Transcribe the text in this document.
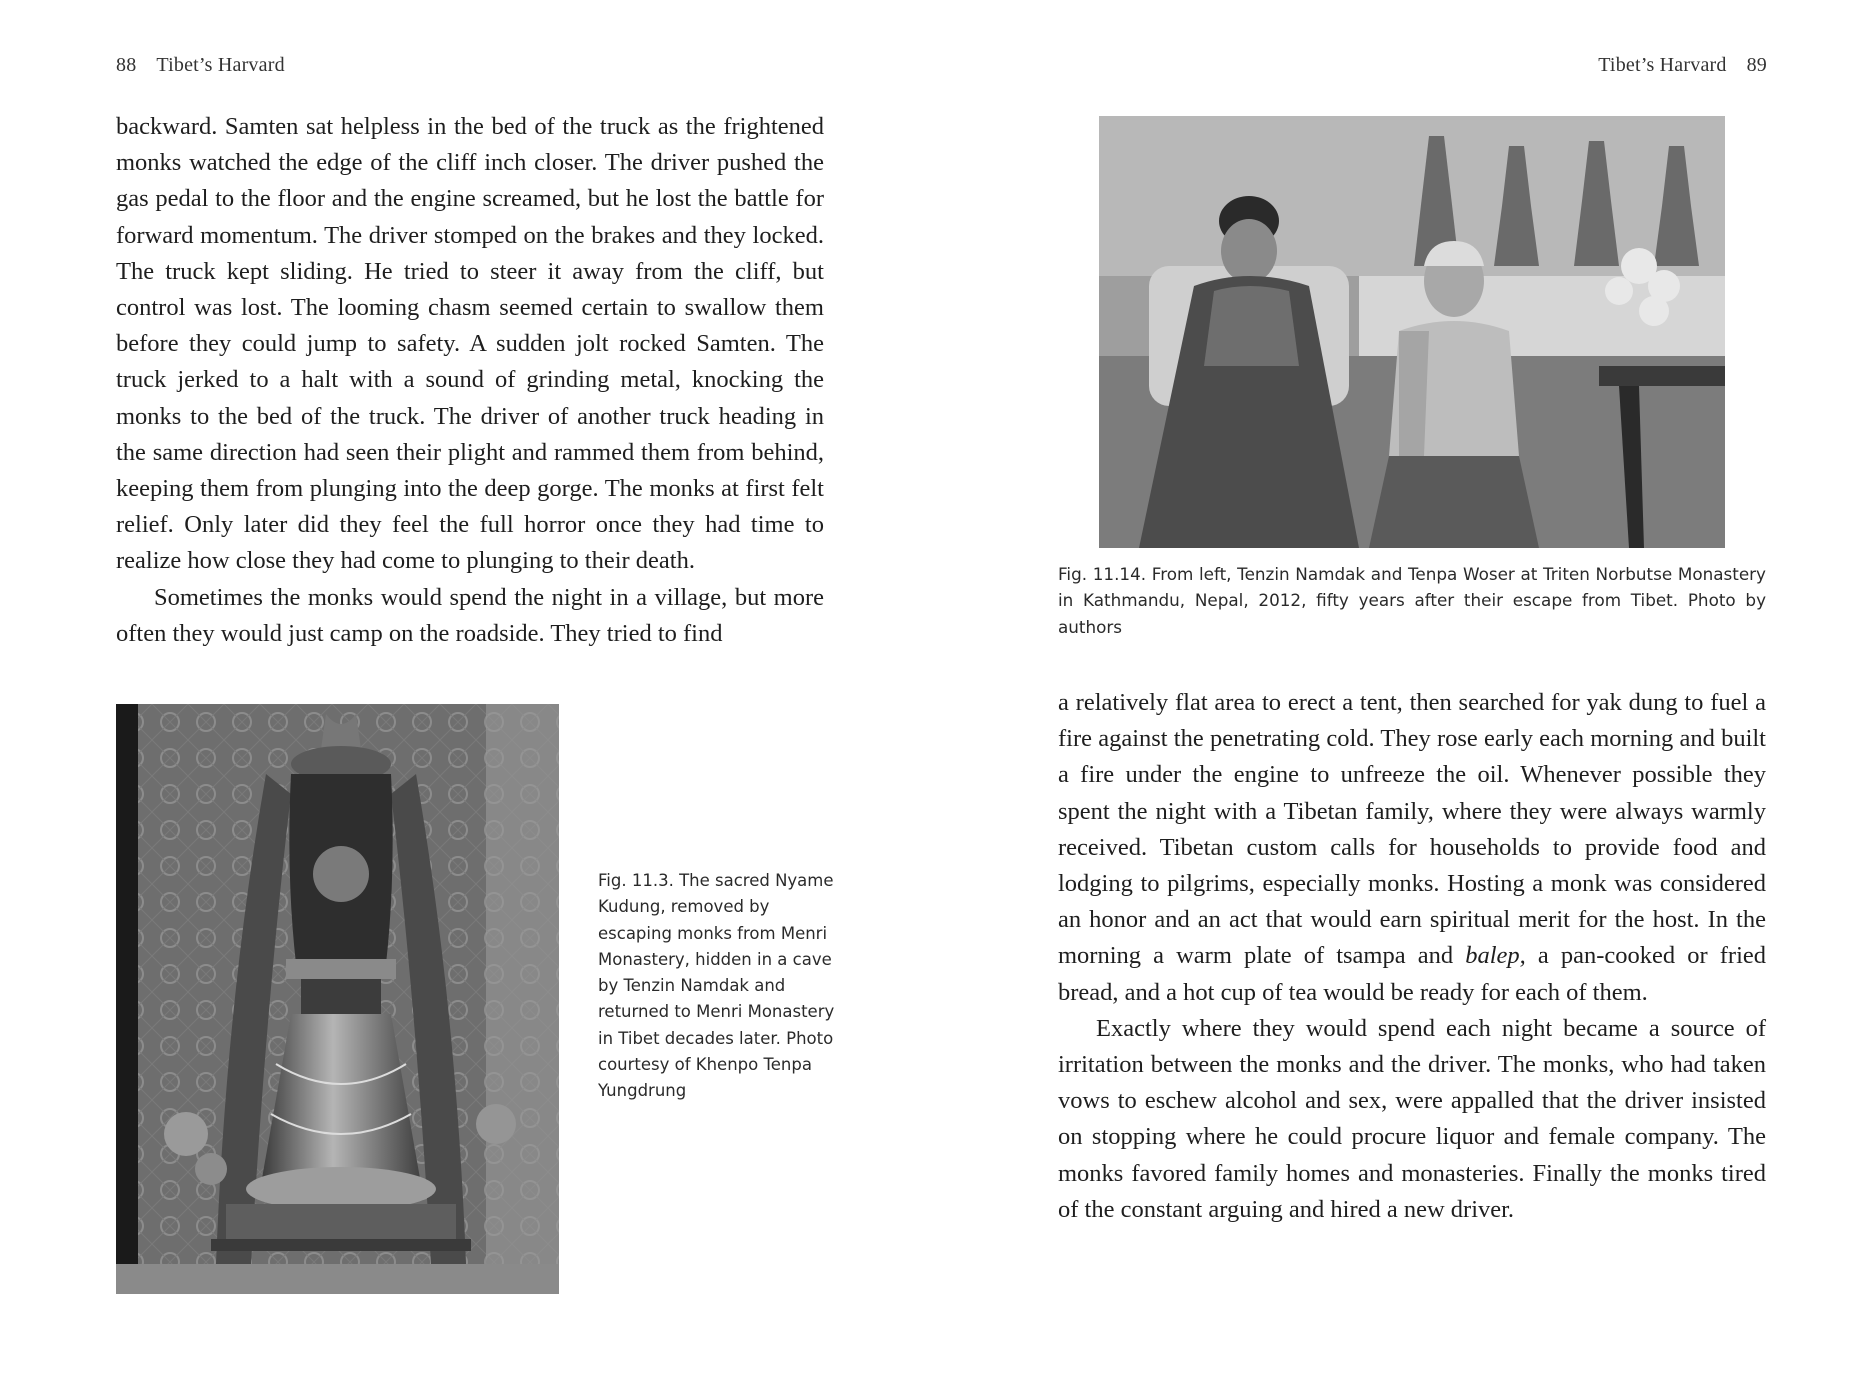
88 Tibet’s Harvard

backward. Samten sat helpless in the bed of the truck as the frightened monks watched the edge of the cliff inch closer. The driver pushed the gas pedal to the floor and the engine screamed, but he lost the battle for forward momentum. The driver stomped on the brakes and they locked. The truck kept sliding. He tried to steer it away from the cliff, but control was lost. The looming chasm seemed certain to swallow them before they could jump to safety. A sudden jolt rocked Samten. The truck jerked to a halt with a sound of grinding metal, knocking the monks to the bed of the truck. The driver of another truck heading in the same direction had seen their plight and rammed them from behind, keeping them from plunging into the deep gorge. The monks at first felt relief. Only later did they feel the full horror once they had time to realize how close they had come to plunging to their death.

Sometimes the monks would spend the night in a village, but more often they would just camp on the roadside. They tried to find

Fig. 11.3. The sacred Nyame Kudung, removed by escaping monks from Menri Monastery, hidden in a cave by Tenzin Namdak and returned to Menri Monastery in Tibet decades later. Photo courtesy of Khenpo Tenpa Yungdrung
Tibet’s Harvard 89
Fig. 11.14. From left, Tenzin Namdak and Tenpa Woser at Triten Norbutse Monastery in Kathmandu, Nepal, 2012, fifty years after their escape from Tibet. Photo by authors

a relatively flat area to erect a tent, then searched for yak dung to fuel a fire against the penetrating cold. They rose early each morning and built a fire under the engine to unfreeze the oil. Whenever possible they spent the night with a Tibetan family, where they were always warmly received. Tibetan custom calls for households to provide food and lodging to pilgrims, especially monks. Hosting a monk was considered an honor and an act that would earn spiritual merit for the host. In the morning a warm plate of tsampa and balep, a pan-cooked or fried bread, and a hot cup of tea would be ready for each of them.

Exactly where they would spend each night became a source of irritation between the monks and the driver. The monks, who had taken vows to eschew alcohol and sex, were appalled that the driver insisted on stopping where he could procure liquor and female company. The monks favored family homes and monasteries. Finally the monks tired of the constant arguing and hired a new driver.
